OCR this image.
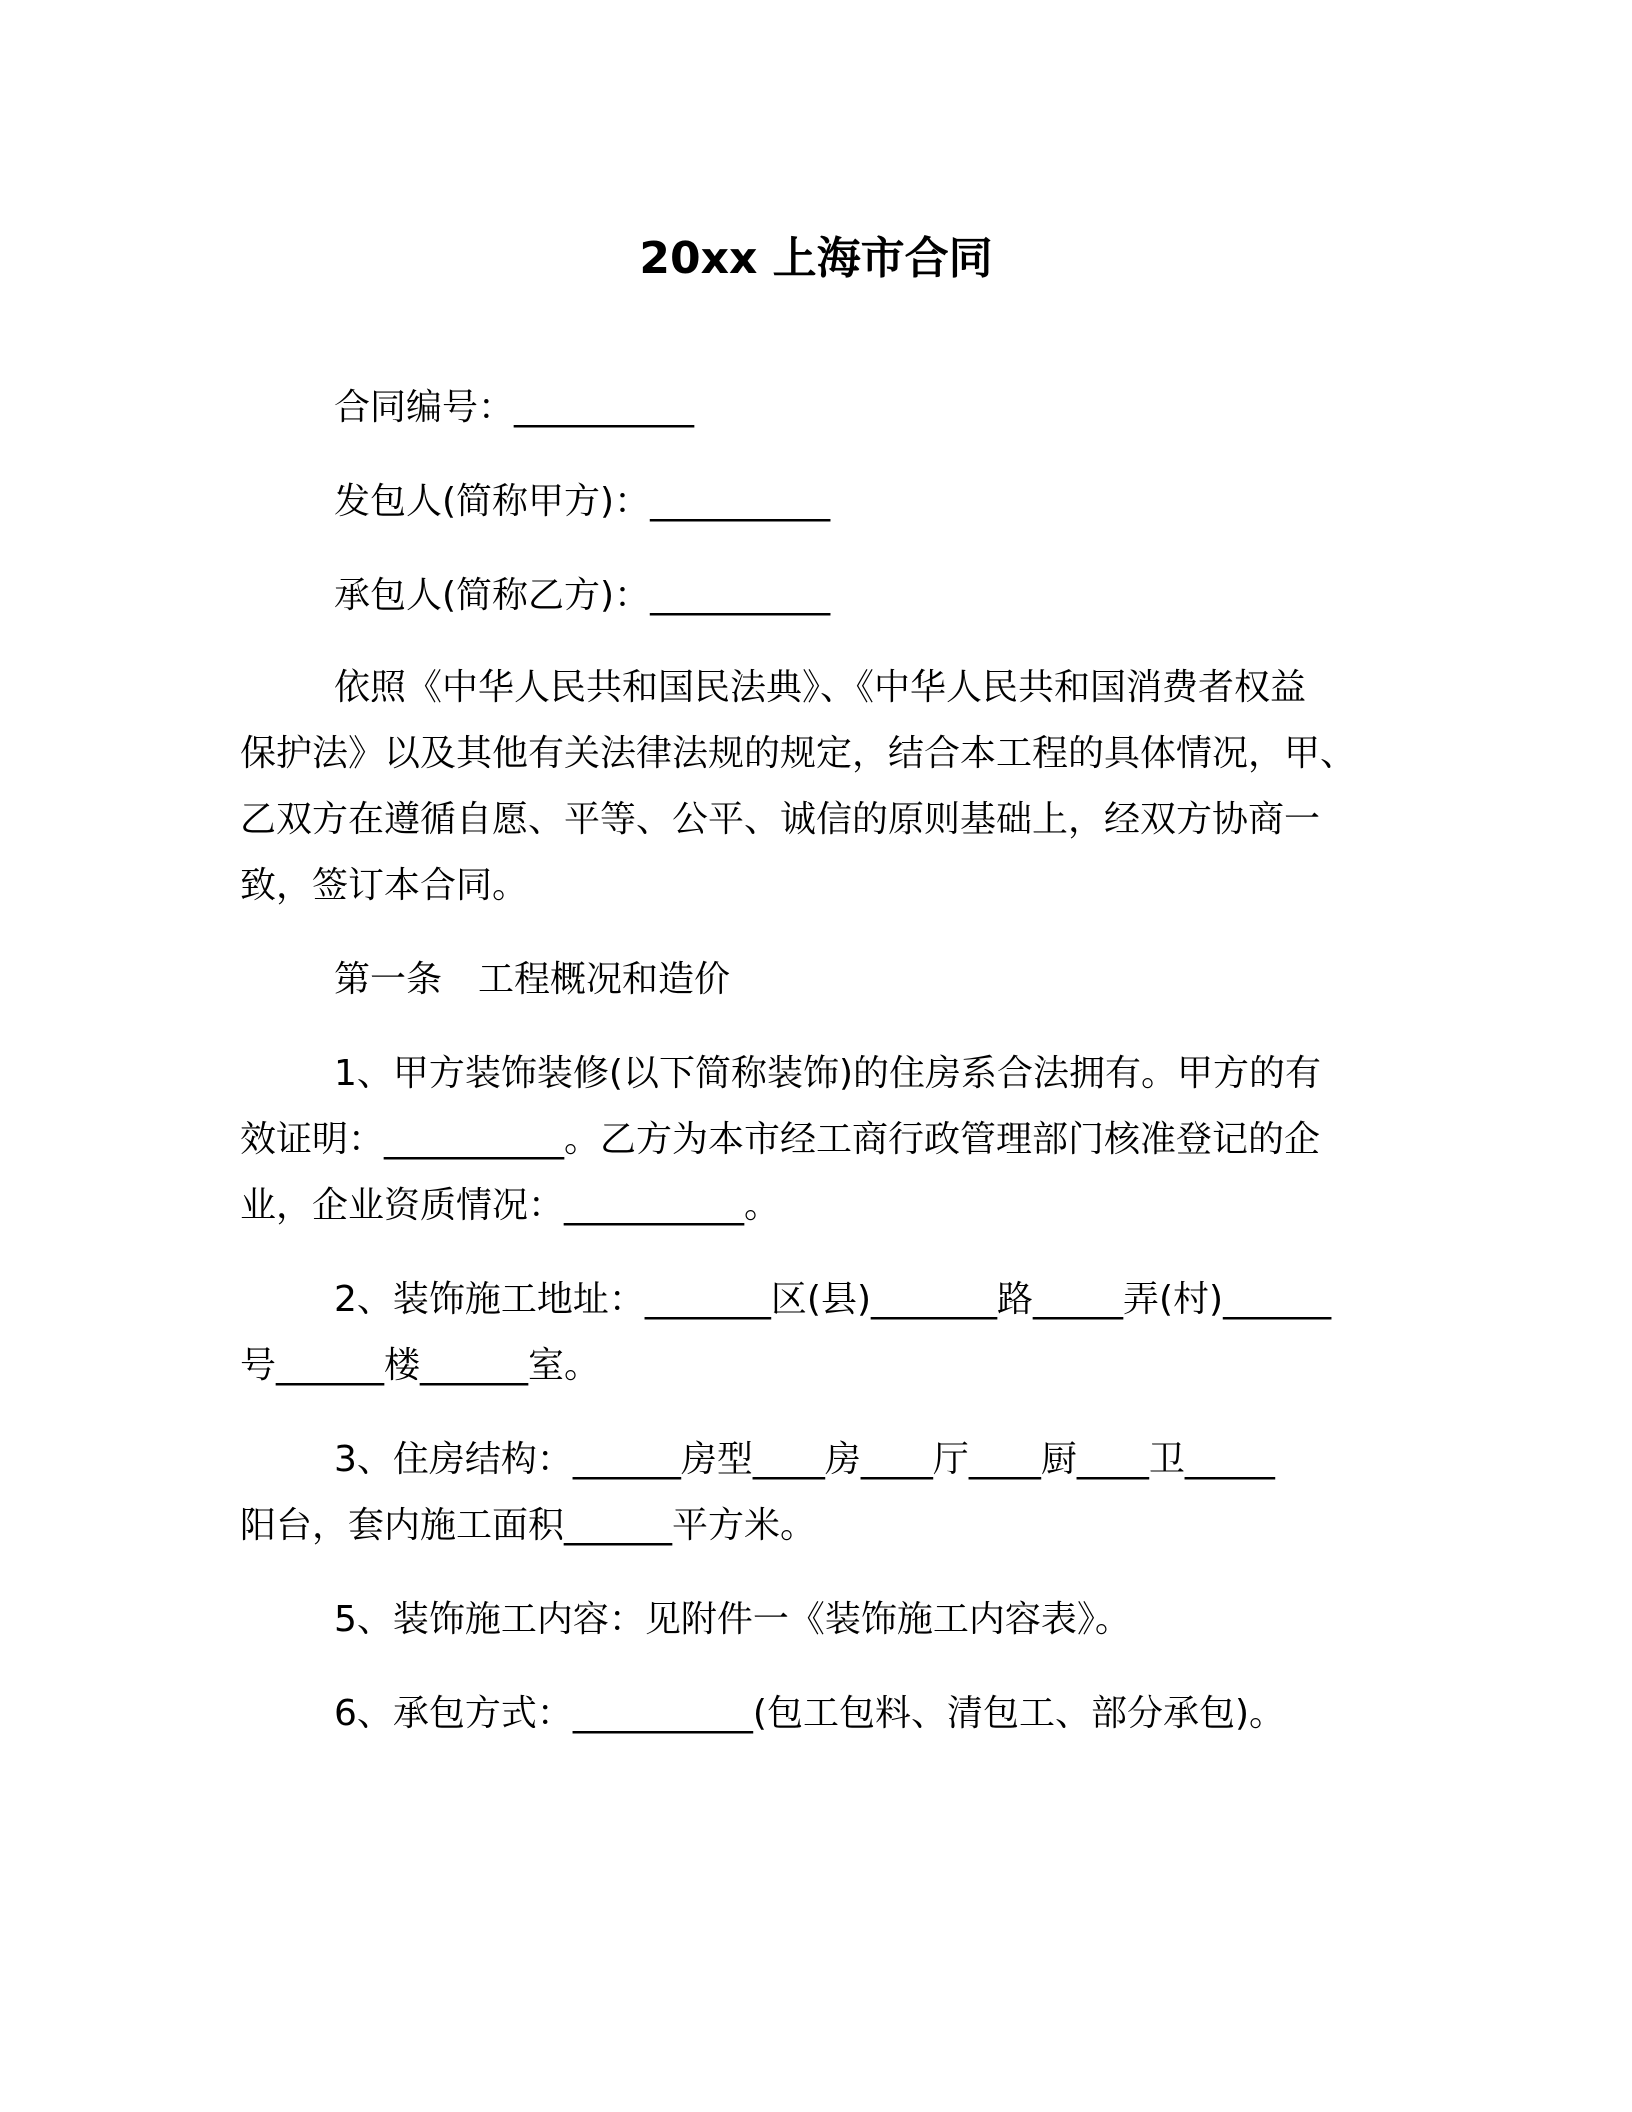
20xx 上海市合同
合同编号：__________
发包人(简称甲方)：__________
承包人(简称乙方)：__________
依照《中华人民共和国民法典》、《中华人民共和国消费者权益
保护法》以及其他有关法律法规的规定，结合本工程的具体情况，甲、
乙双方在遵循自愿、平等、公平、诚信的原则基础上，经双方协商一
致，签订本合同。
第一条　工程概况和造价
1、甲方装饰装修(以下简称装饰)的住房系合法拥有。甲方的有
效证明：__________。乙方为本市经工商行政管理部门核准登记的企
业，企业资质情况：__________。
2、装饰施工地址：_______区(县)_______路_____弄(村)______
号______楼______室。
3、住房结构：______房型____房____厅____厨____卫_____
阳台，套内施工面积______平方米。
5、装饰施工内容：见附件一《装饰施工内容表》。
6、承包方式：__________(包工包料、清包工、部分承包)。
